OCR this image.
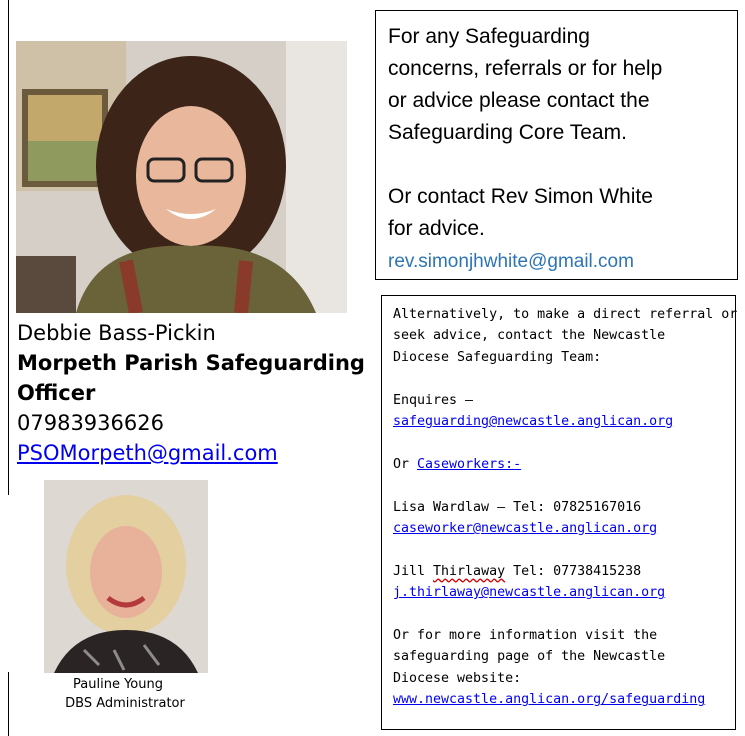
Debbie Bass-Pickin
Morpeth Parish Safeguarding
Officer
07983936626
PSOMorpeth@gmail.com
Pauline Young
DBS Administrator
For any Safeguarding
concerns, referrals or for help
or advice please contact the
Safeguarding Core Team.
Or contact Rev Simon White
for advice.
rev.simonjhwhite@gmail.com
Alternatively, to make a direct referral or
seek advice, contact the Newcastle
Diocese Safeguarding Team:
Enquires –
safeguarding@newcastle.anglican.org
Or Caseworkers:-
Lisa Wardlaw – Tel: 07825167016
caseworker@newcastle.anglican.org
Jill Thirlaway Tel: 07738415238
j.thirlaway@newcastle.anglican.org
Or for more information visit the
safeguarding page of the Newcastle
Diocese website:
www.newcastle.anglican.org/safeguarding
